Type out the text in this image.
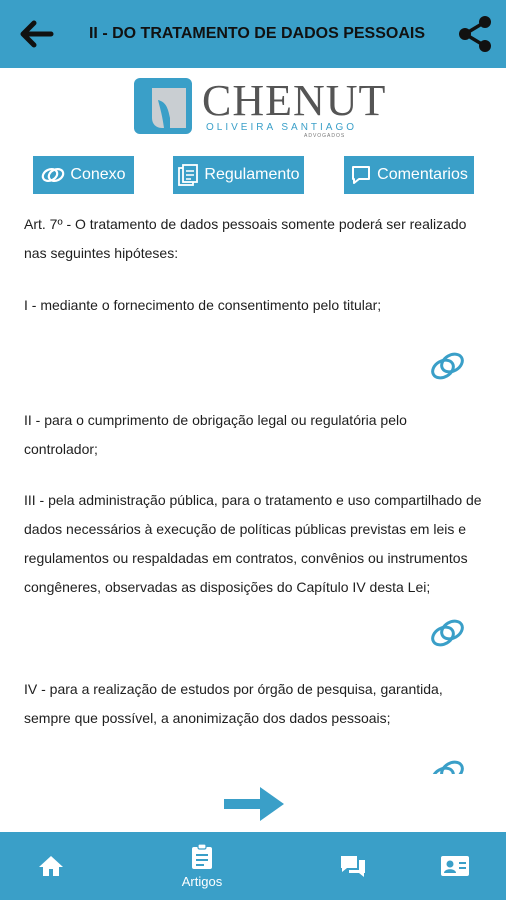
II - DO TRATAMENTO DE DADOS PESSOAIS
CHENUT
OLIVEIRA SANTIAGO
ADVOGADOS
Conexo	Regulamento	Comentarios
Art. 7º - O tratamento de dados pessoais somente poderá ser realizado nas seguintes hipóteses:
I - mediante o fornecimento de consentimento pelo titular;
II - para o cumprimento de obrigação legal ou regulatória pelo controlador;
III - pela administração pública, para o tratamento e uso compartilhado de dados necessários à execução de políticas públicas previstas em leis e regulamentos ou respaldadas em contratos, convênios ou instrumentos congêneres, observadas as disposições do Capítulo IV desta Lei;
IV - para a realização de estudos por órgão de pesquisa, garantida, sempre que possível, a anonimização dos dados pessoais;
Artigos
